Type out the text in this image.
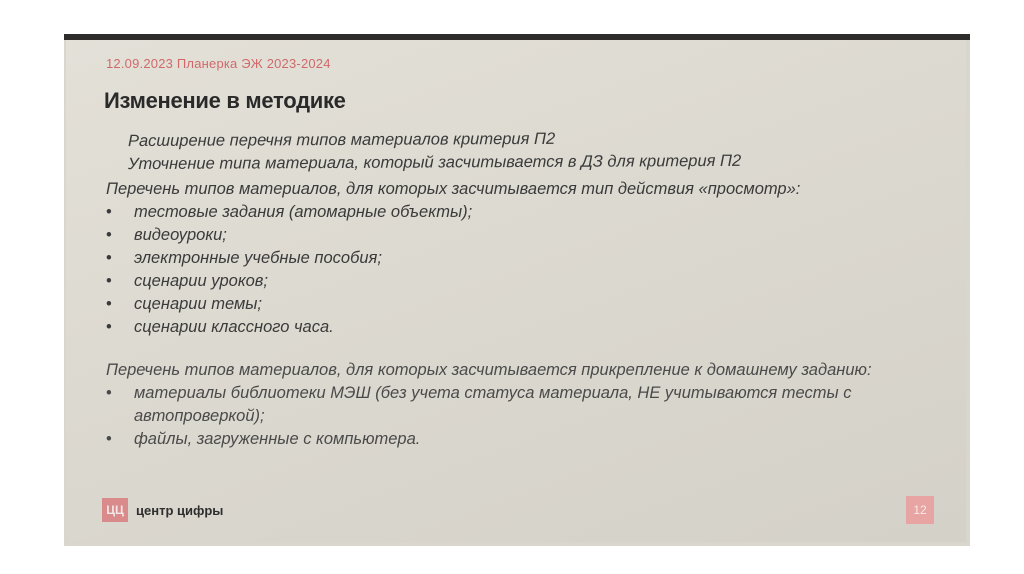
12.09.2023 Планерка ЭЖ 2023-2024
Изменение в методике
Расширение перечня типов материалов критерия П2
Уточнение типа материала, который засчитывается в ДЗ для критерия П2
Перечень типов материалов, для которых засчитывается тип действия «просмотр»:
• тестовые задания (атомарные объекты);
• видеоуроки;
• электронные учебные пособия;
• сценарии уроков;
• сценарии темы;
• сценарии классного часа.
Перечень типов материалов, для которых засчитывается прикрепление к домашнему заданию:
• материалы библиотеки МЭШ (без учета статуса материала, НЕ учитываются тесты с автопроверкой);
• файлы, загруженные с компьютера.
ЦЦ центр цифры	12
